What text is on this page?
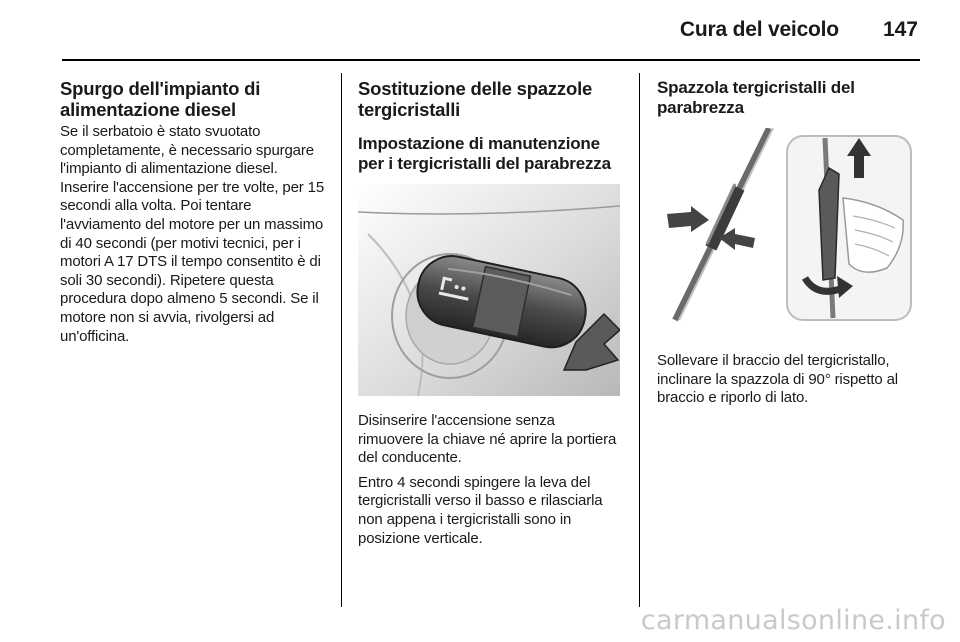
Cura del veicolo 147
Spurgo dell'impianto di alimentazione diesel

Se il serbatoio è stato svuotato completamente, è necessario spurgare l'impianto di alimentazione diesel. Inserire l'accensione per tre volte, per 15 secondi alla volta. Poi tentare l'avviamento del motore per un massimo di 40 secondi (per motivi tecnici, per i motori A 17 DTS il tempo consentito è di soli 30 secondi). Ripetere questa procedura dopo almeno 5 secondi. Se il motore non si avvia, rivolgersi ad un'officina.

Sostituzione delle spazzole tergicristalli
Impostazione di manutenzione per i tergicristalli del parabrezza

Disinserire l'accensione senza rimuovere la chiave né aprire la portiera del conducente.

Entro 4 secondi spingere la leva del tergicristalli verso il basso e rilasciarla non appena i tergicristalli sono in posizione verticale.

Spazzola tergicristalli del parabrezza

Sollevare il braccio del tergicristallo, inclinare la spazzola di 90° rispetto al braccio e riporlo di lato.

carmanualsonline.info
